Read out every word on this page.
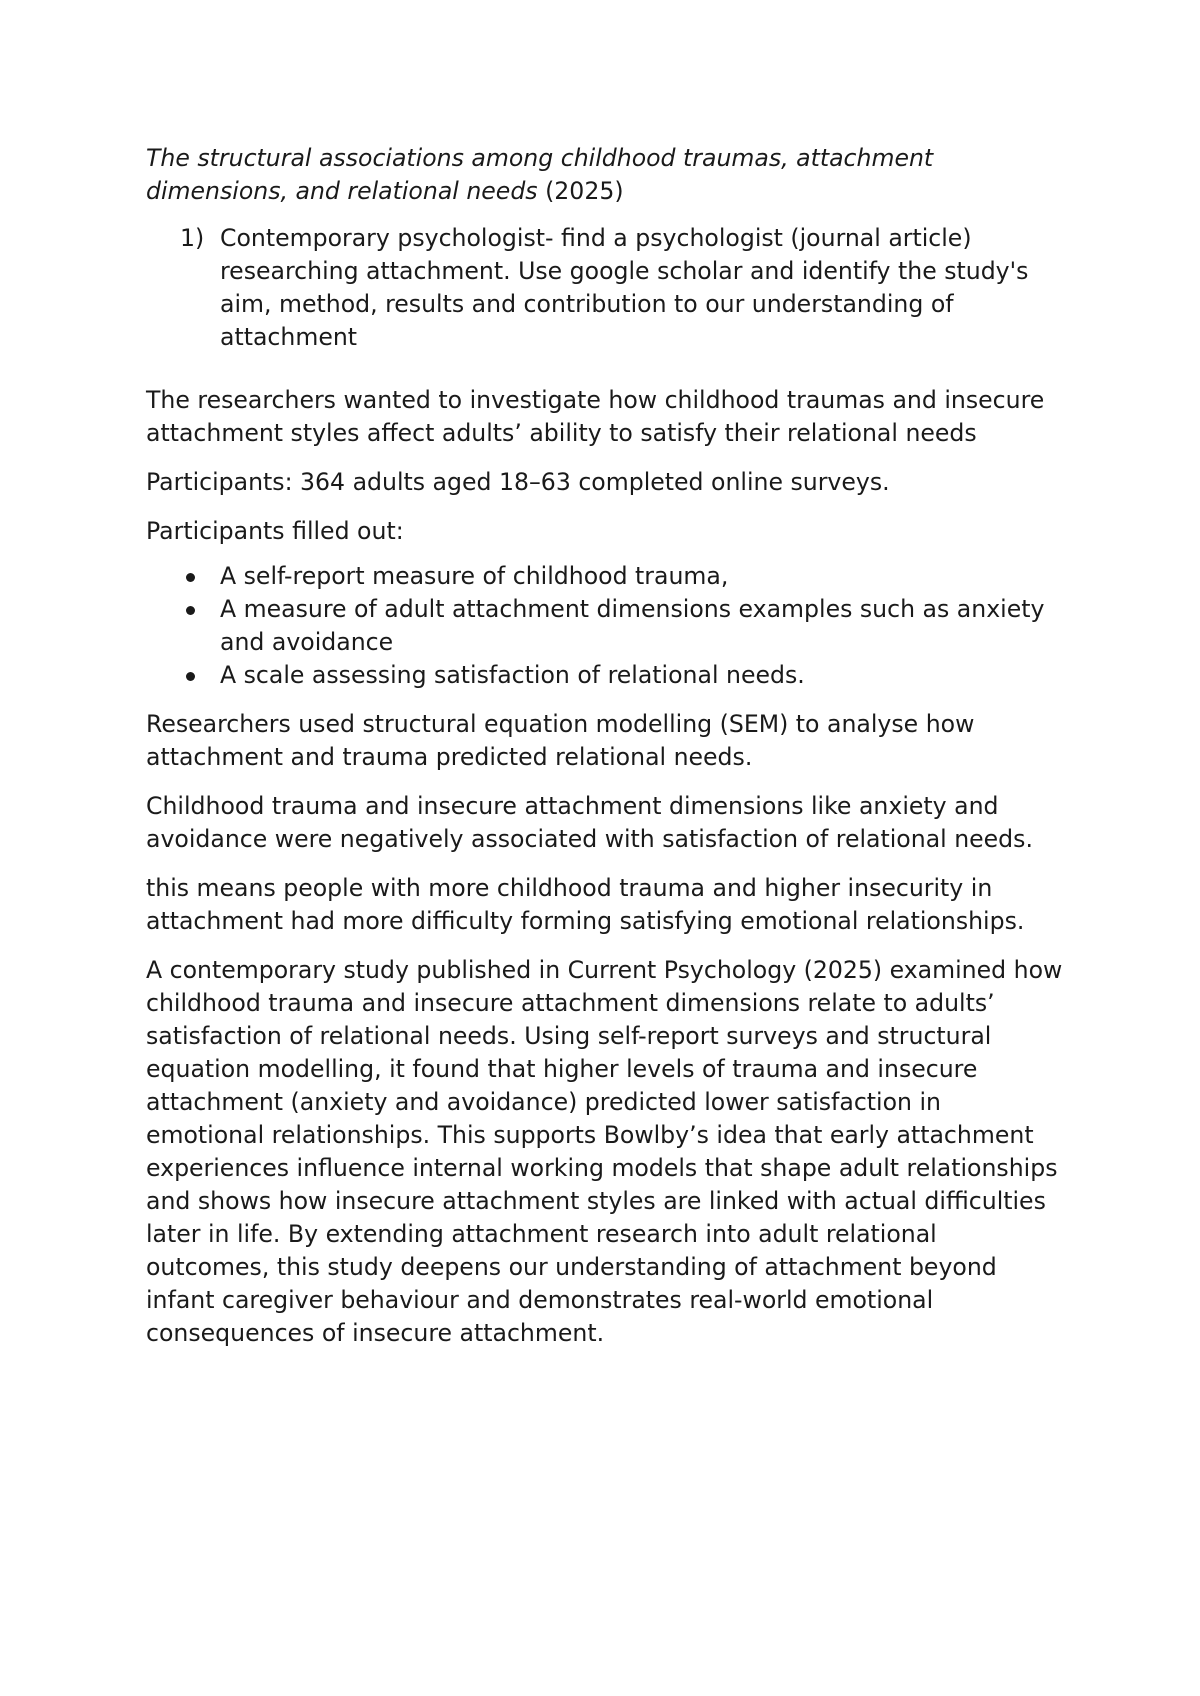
The structural associations among childhood traumas, attachment dimensions, and relational needs (2025)

1) Contemporary psychologist- find a psychologist (journal article) researching attachment. Use google scholar and identify the study's aim, method, results and contribution to our understanding of attachment

The researchers wanted to investigate how childhood traumas and insecure attachment styles affect adults’ ability to satisfy their relational needs

Participants: 364 adults aged 18–63 completed online surveys.

Participants filled out:

A self-report measure of childhood trauma,
A measure of adult attachment dimensions examples such as anxiety and avoidance
A scale assessing satisfaction of relational needs.

Researchers used structural equation modelling (SEM) to analyse how attachment and trauma predicted relational needs.

Childhood trauma and insecure attachment dimensions like anxiety and avoidance were negatively associated with satisfaction of relational needs.

this means people with more childhood trauma and higher insecurity in attachment had more difficulty forming satisfying emotional relationships.

A contemporary study published in Current Psychology (2025) examined how childhood trauma and insecure attachment dimensions relate to adults’ satisfaction of relational needs. Using self-report surveys and structural equation modelling, it found that higher levels of trauma and insecure attachment (anxiety and avoidance) predicted lower satisfaction in emotional relationships. This supports Bowlby’s idea that early attachment experiences influence internal working models that shape adult relationships and shows how insecure attachment styles are linked with actual difficulties later in life. By extending attachment research into adult relational outcomes, this study deepens our understanding of attachment beyond infant caregiver behaviour and demonstrates real-world emotional consequences of insecure attachment.
